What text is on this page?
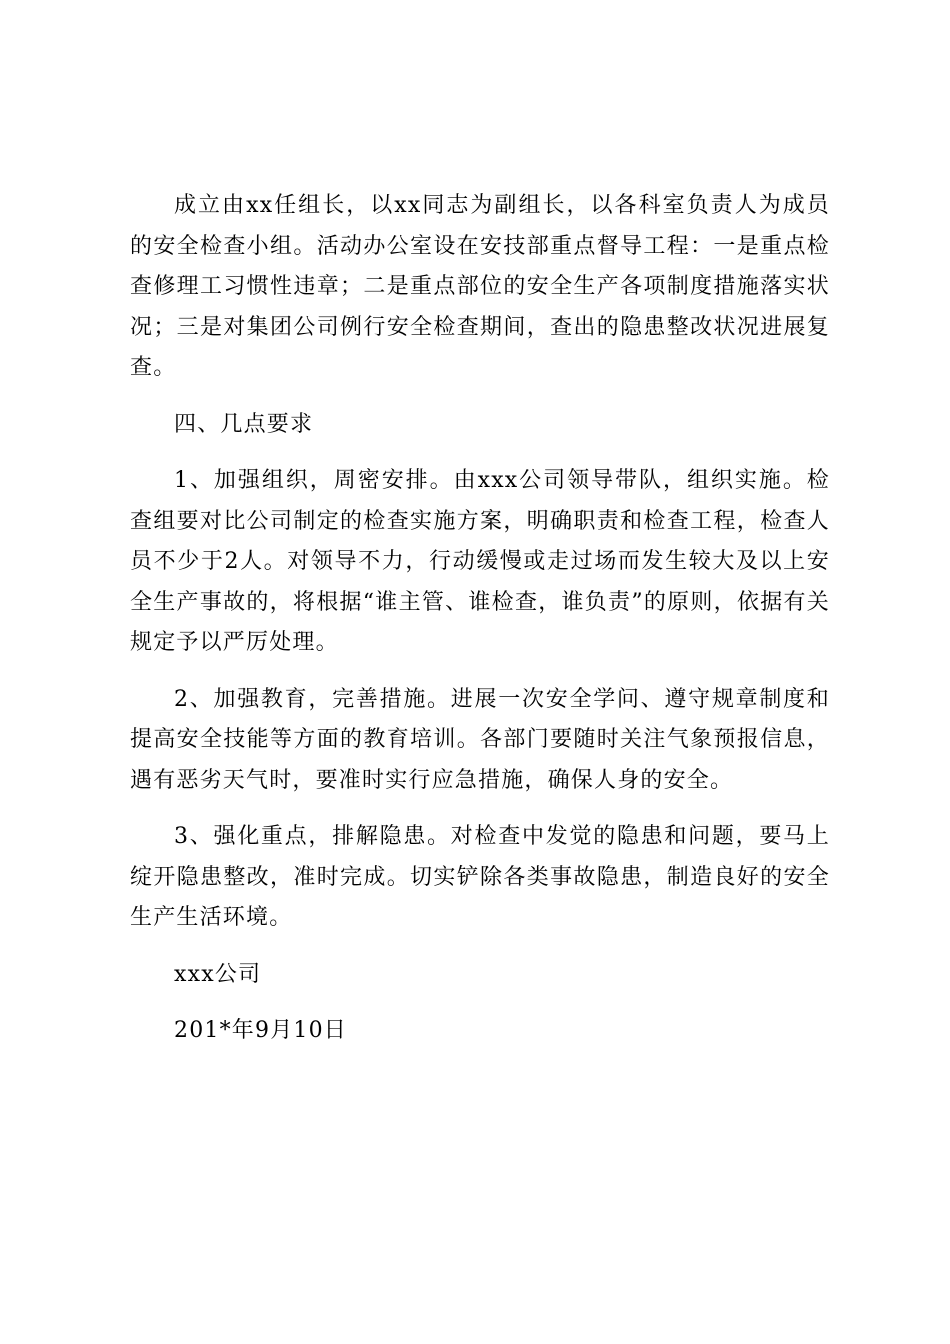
成立由xx任组长，以xx同志为副组长，以各科室负责人为成员的安全检查小组。活动办公室设在安技部重点督导工程：一是重点检查修理工习惯性违章；二是重点部位的安全生产各项制度措施落实状况；三是对集团公司例行安全检查期间，查出的隐患整改状况进展复查。

四、几点要求

1、加强组织，周密安排。由xxx公司领导带队，组织实施。检查组要对比公司制定的检查实施方案，明确职责和检查工程，检查人员不少于2人。对领导不力，行动缓慢或走过场而发生较大及以上安全生产事故的，将根据“谁主管、谁检查，谁负责”的原则，依据有关规定予以严厉处理。

2、加强教育，完善措施。进展一次安全学问、遵守规章制度和提高安全技能等方面的教育培训。各部门要随时关注气象预报信息，遇有恶劣天气时，要准时实行应急措施，确保人身的安全。

3、强化重点，排解隐患。对检查中发觉的隐患和问题，要马上绽开隐患整改，准时完成。切实铲除各类事故隐患，制造良好的安全生产生活环境。

xxx公司

201*年9月10日
